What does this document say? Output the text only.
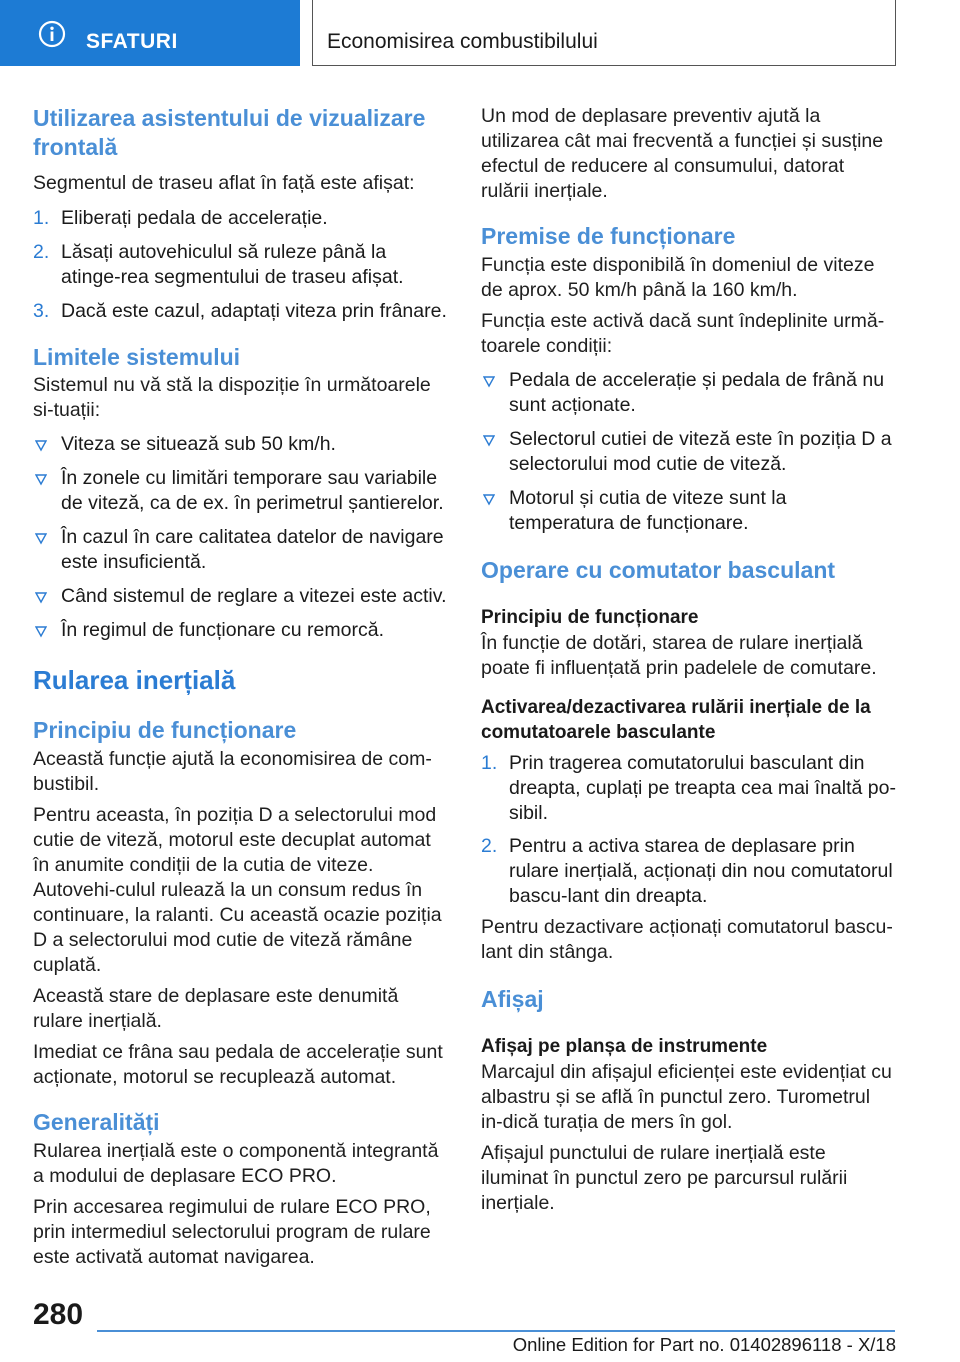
SFATURI	Economisirea combustibilului
Utilizarea asistentului de vizualizare frontală
Segmentul de traseu aflat în față este afișat:
1. Eliberați pedala de accelerație.
2. Lăsați autovehiculul să ruleze până la atinge‐rea segmentului de traseu afișat.
3. Dacă este cazul, adaptați viteza prin frânare.
Limitele sistemului
Sistemul nu vă stă la dispoziție în următoarele si‐tuații:
Viteza se situează sub 50 km/h.
În zonele cu limitări temporare sau variabile de viteză, ca de ex. în perimetrul șantierelor.
În cazul în care calitatea datelor de navigare este insuficientă.
Când sistemul de reglare a vitezei este activ.
În regimul de funcționare cu remorcă.
Rularea inerțială
Principiu de funcționare
Această funcție ajută la economisirea de com‐bustibil.
Pentru aceasta, în poziția D a selectorului mod cutie de viteză, motorul este decuplat automat în anumite condiții de la cutia de viteze. Autovehi‐culul rulează la un consum redus în continuare, la ralanti. Cu această ocazie poziția D a selectorului mod cutie de viteză rămâne cuplată.
Această stare de deplasare este denumită rulare inerțială.
Imediat ce frâna sau pedala de accelerație sunt acționate, motorul se recuplează automat.
Generalități
Rularea inerțială este o componentă integrantă a modului de deplasare ECO PRO.
Prin accesarea regimului de rulare ECO PRO, prin intermediul selectorului program de rulare este activată automat navigarea.
Un mod de deplasare preventiv ajută la utilizarea cât mai frecventă a funcției și susține efectul de reducere al consumului, datorat rulării inerțiale.
Premise de funcționare
Funcția este disponibilă în domeniul de viteze de aprox. 50 km/h până la 160 km/h.
Funcția este activă dacă sunt îndeplinite urmă‐toarele condiții:
Pedala de accelerație și pedala de frână nu sunt acționate.
Selectorul cutiei de viteză este în poziția D a selectorului mod cutie de viteză.
Motorul și cutia de viteze sunt la temperatura de funcționare.
Operare cu comutator basculant
Principiu de funcționare
În funcție de dotări, starea de rulare inerțială poate fi influențată prin padelele de comutare.
Activarea/dezactivarea rulării inerțiale de la comutatoarele basculante
1. Prin tragerea comutatorului basculant din dreapta, cuplați pe treapta cea mai înaltă po‐sibil.
2. Pentru a activa starea de deplasare prin rulare inerțială, acționați din nou comutatorul bascu‐lant din dreapta.
Pentru dezactivare acționați comutatorul bascu‐lant din stânga.
Afișaj
Afișaj pe planșa de instrumente
Marcajul din afișajul eficienței este evidențiat cu albastru și se află în punctul zero. Turometrul in‐dică turația de mers în gol.
Afișajul punctului de rulare inerțială este iluminat în punctul zero pe parcursul rulării inerțiale.
280
Online Edition for Part no. 01402896118 - X/18
